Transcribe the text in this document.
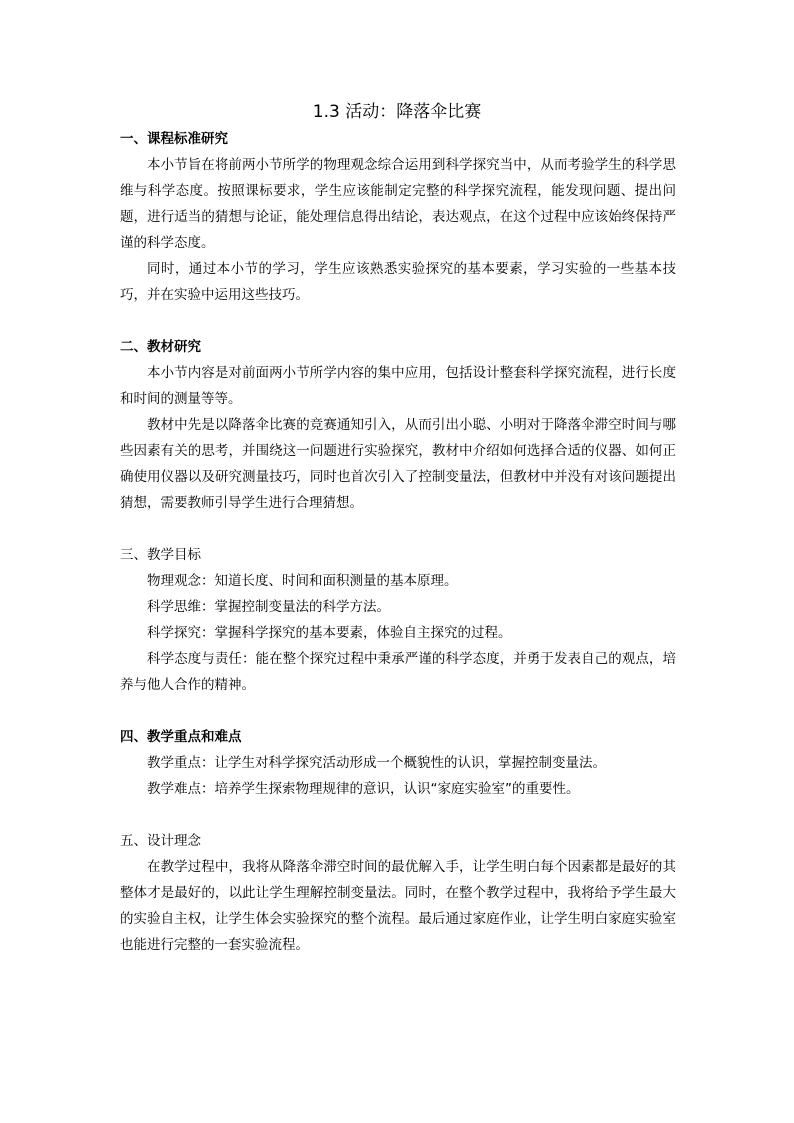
1.3 活动：降落伞比赛
一、课程标准研究

本小节旨在将前两小节所学的物理观念综合运用到科学探究当中，从而考验学生的科学思维与科学态度。按照课标要求，学生应该能制定完整的科学探究流程，能发现问题、提出问题，进行适当的猜想与论证，能处理信息得出结论，表达观点，在这个过程中应该始终保持严谨的科学态度。

同时，通过本小节的学习，学生应该熟悉实验探究的基本要素，学习实验的一些基本技巧，并在实验中运用这些技巧。

二、教材研究

本小节内容是对前面两小节所学内容的集中应用，包括设计整套科学探究流程，进行长度和时间的测量等等。

教材中先是以降落伞比赛的竞赛通知引入，从而引出小聪、小明对于降落伞滞空时间与哪些因素有关的思考，并围绕这一问题进行实验探究，教材中介绍如何选择合适的仪器、如何正确使用仪器以及研究测量技巧，同时也首次引入了控制变量法，但教材中并没有对该问题提出猜想，需要教师引导学生进行合理猜想。

三、教学目标

物理观念：知道长度、时间和面积测量的基本原理。

科学思维：掌握控制变量法的科学方法。

科学探究：掌握科学探究的基本要素，体验自主探究的过程。

科学态度与责任：能在整个探究过程中秉承严谨的科学态度，并勇于发表自己的观点，培养与他人合作的精神。

四、教学重点和难点

教学重点：让学生对科学探究活动形成一个概貌性的认识，掌握控制变量法。

教学难点：培养学生探索物理规律的意识，认识“家庭实验室”的重要性。

五、设计理念

在教学过程中，我将从降落伞滞空时间的最优解入手，让学生明白每个因素都是最好的其整体才是最好的，以此让学生理解控制变量法。同时，在整个教学过程中，我将给予学生最大的实验自主权，让学生体会实验探究的整个流程。最后通过家庭作业，让学生明白家庭实验室也能进行完整的一套实验流程。
